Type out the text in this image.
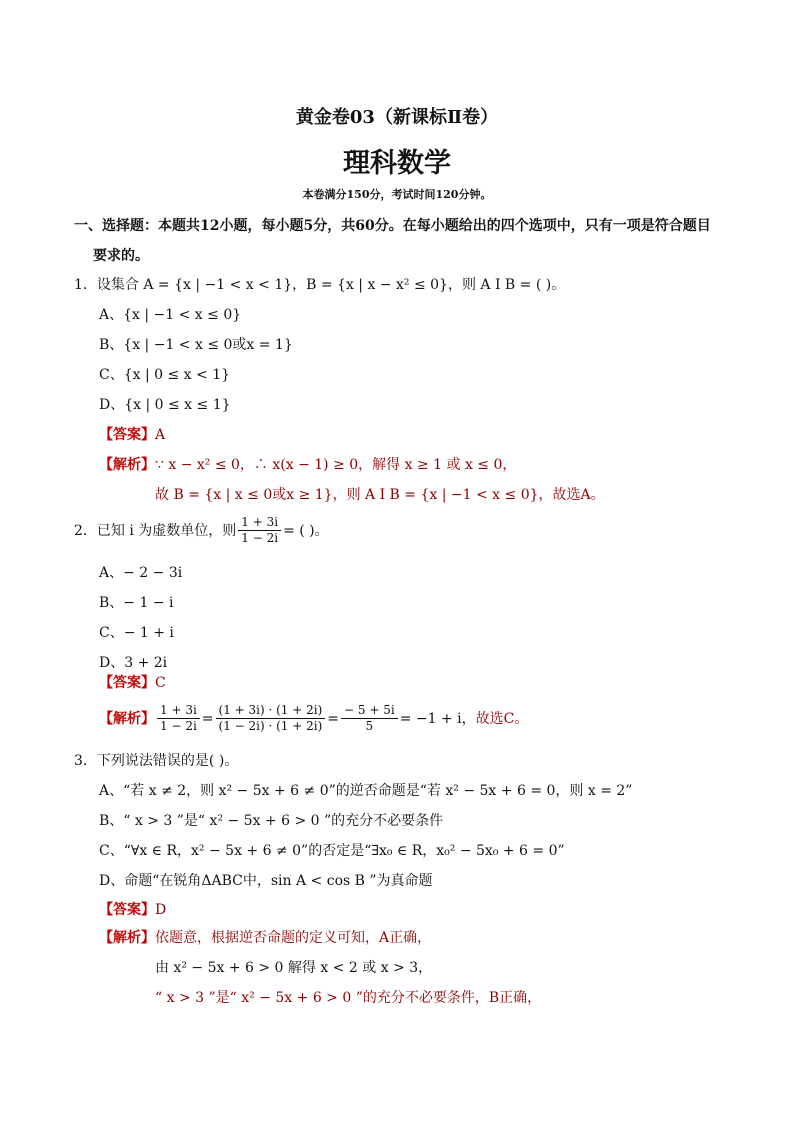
黄金卷03（新课标Ⅱ卷）
理科数学
本卷满分150分，考试时间120分钟。
一、选择题：本题共12小题，每小题5分，共60分。在每小题给出的四个选项中，只有一项是符合题目
要求的。
1．设集合 A = {x | −1 < x < 1}，B = {x | x − x² ≤ 0}，则 A I B = ( )。
A、{x | −1 < x ≤ 0}
B、{x | −1 < x ≤ 0或x = 1}
C、{x | 0 ≤ x < 1}
D、{x | 0 ≤ x ≤ 1}
【答案】A
【解析】∵ x − x² ≤ 0，∴ x(x − 1) ≥ 0，解得 x ≥ 1 或 x ≤ 0，
故 B = {x | x ≤ 0或x ≥ 1}，则 A I B = {x | −1 < x ≤ 0}，故选A。
2．已知 i 为虚数单位，则 $\frac{1 + 3i}{1 - 2i}$ = ( )。
A、− 2 − 3i
B、− 1 − i
C、− 1 + i
D、3 + 2i
【答案】C
【解析】 $\frac{1 + 3i}{1 - 2i} = \frac{(1 + 3i) \cdot (1 + 2i)}{(1 - 2i) \cdot (1 + 2i)} = \frac{- 5 + 5i}{5} = -1 + i$， 故选C。
3．下列说法错误的是( )。
A、“若 x ≠ 2，则 x² − 5x + 6 ≠ 0”的逆否命题是“若 x² − 5x + 6 = 0，则 x = 2”
B、“ x > 3 ”是“ x² − 5x + 6 > 0 ”的充分不必要条件
C、“∀x ∈ R，x² − 5x + 6 ≠ 0”的否定是“∃x₀ ∈ R，x₀² − 5x₀ + 6 = 0”
D、命题“在锐角ΔABC中，sin A < cos B ”为真命题
【答案】D
【解析】依题意，根据逆否命题的定义可知，A正确，
由 x² − 5x + 6 > 0 解得 x < 2 或 x > 3，
“ x > 3 ”是“ x² − 5x + 6 > 0 ”的充分不必要条件，B正确，
